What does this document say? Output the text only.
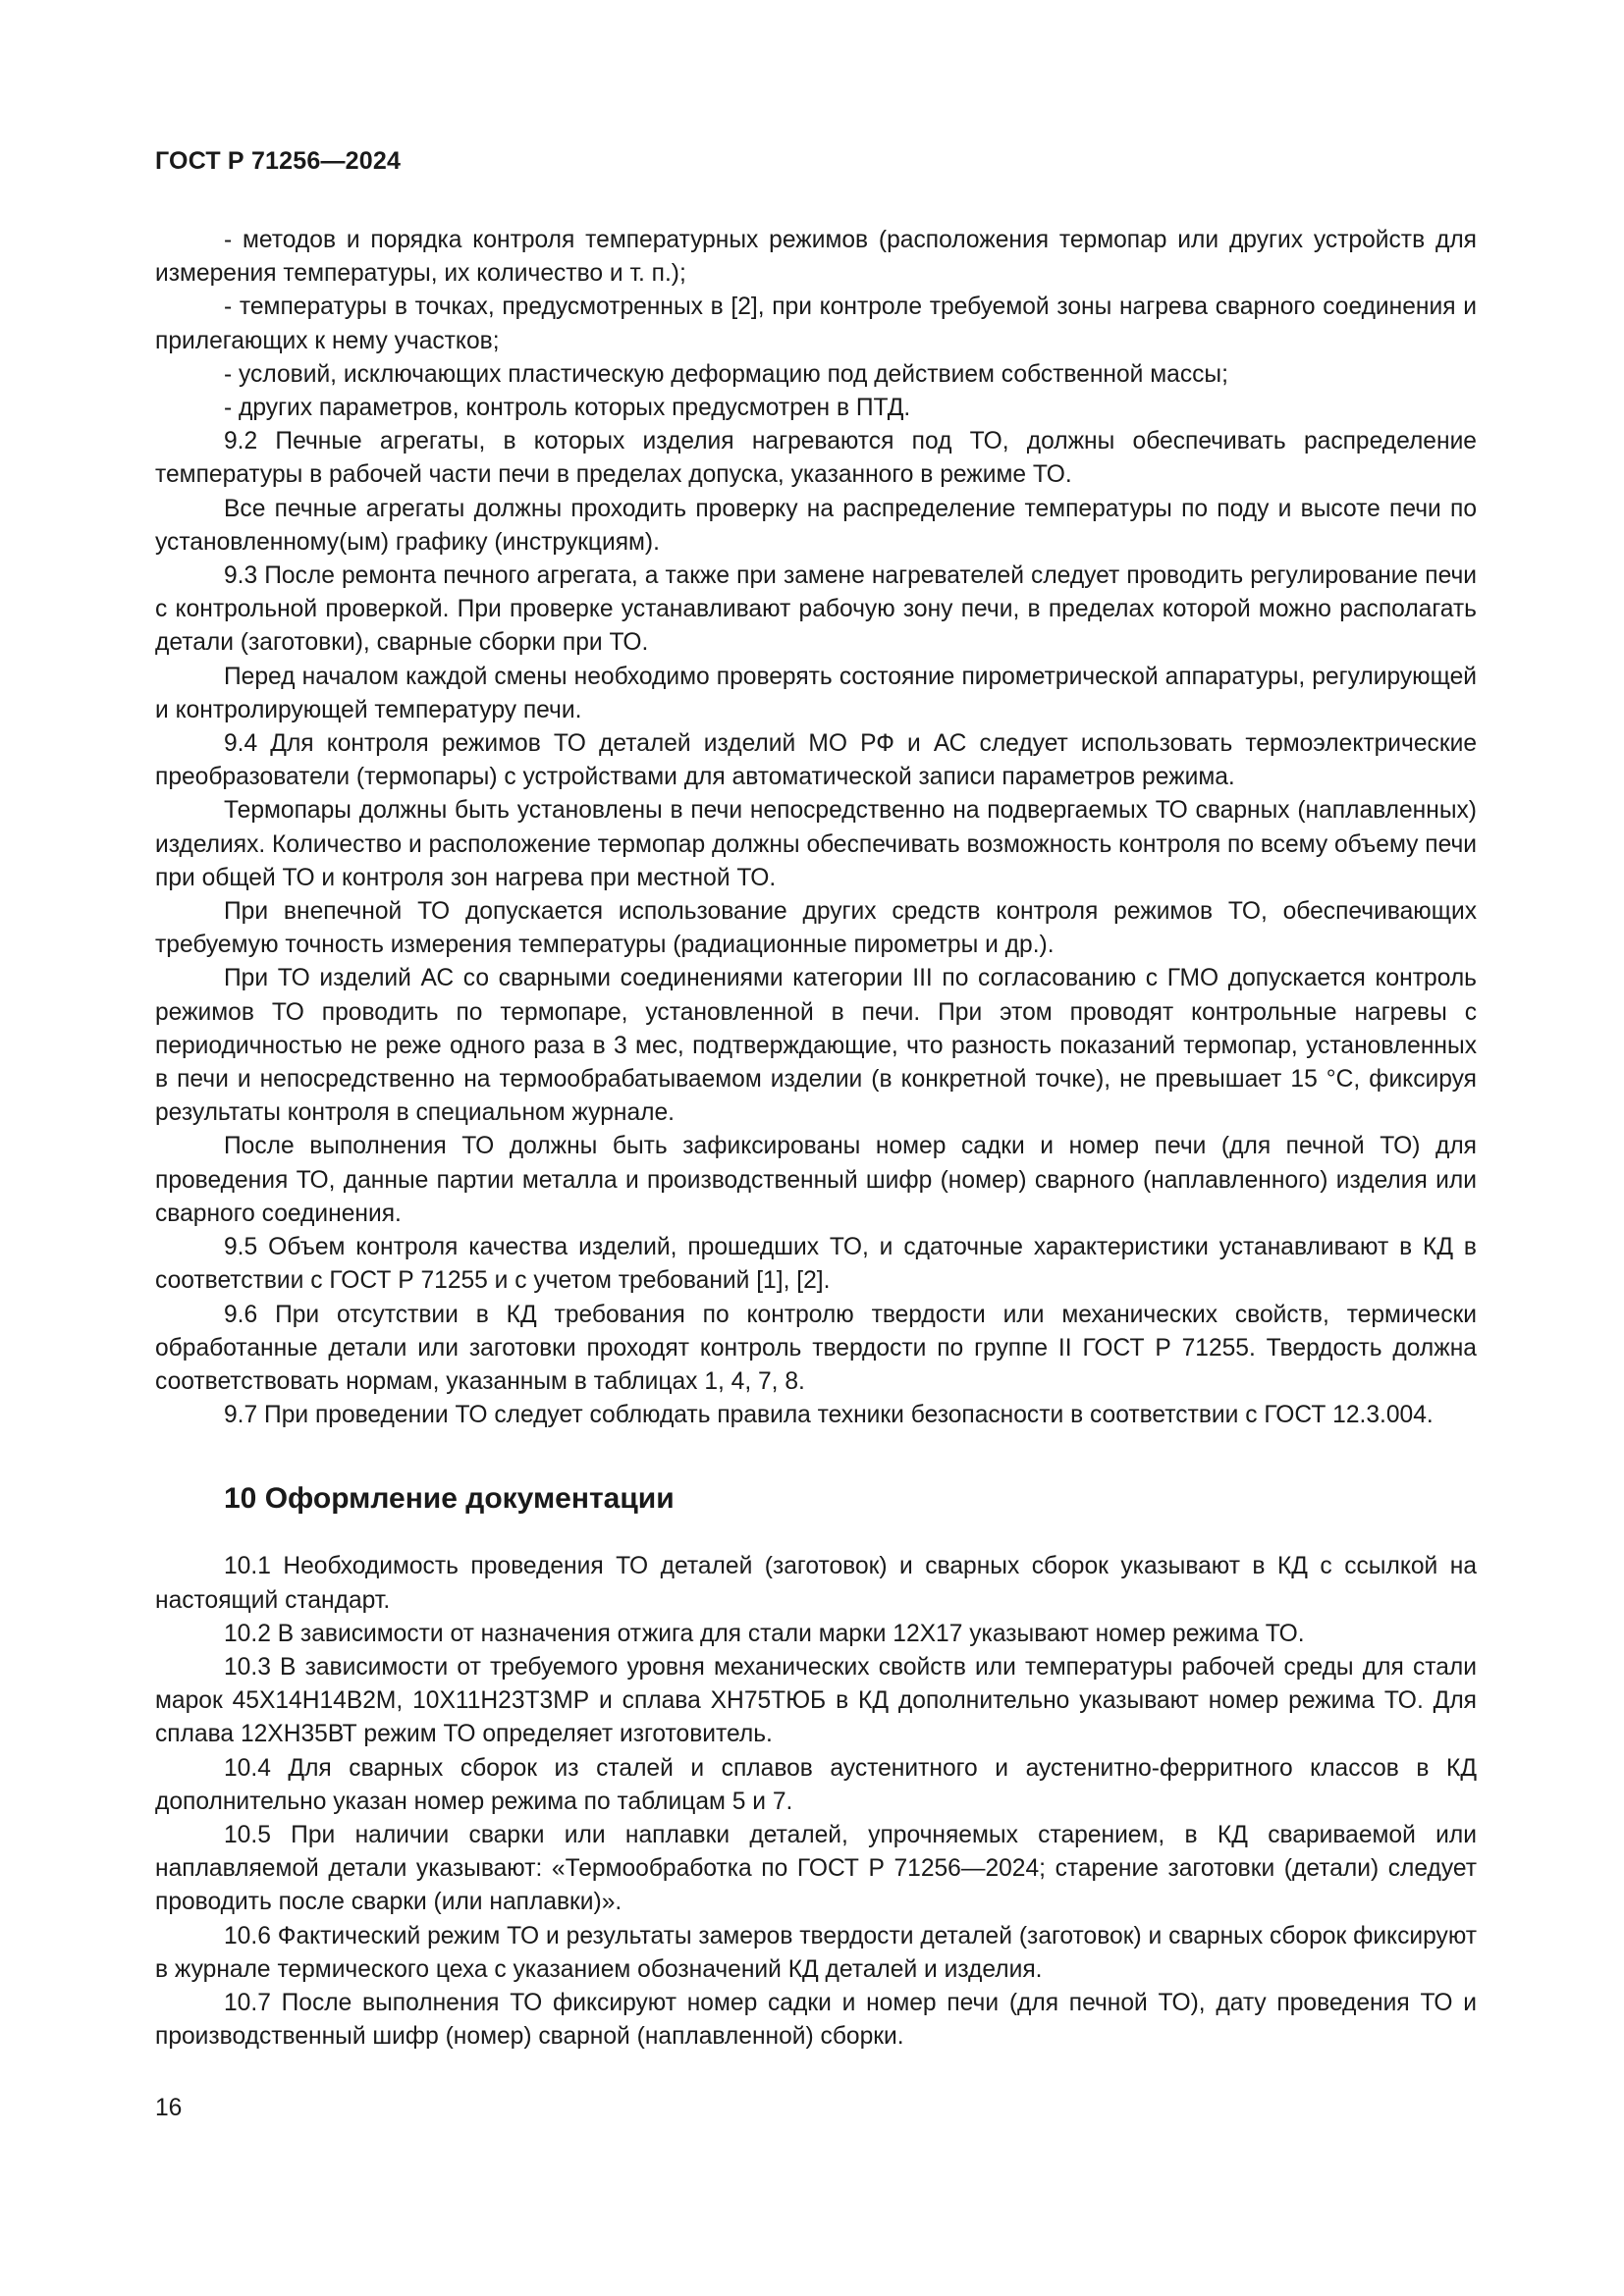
ГОСТ Р 71256—2024

- методов и порядка контроля температурных режимов (расположения термопар или других устройств для измерения температуры, их количество и т. п.);

- температуры в точках, предусмотренных в [2], при контроле требуемой зоны нагрева сварного соединения и прилегающих к нему участков;

- условий, исключающих пластическую деформацию под действием собственной массы;

- других параметров, контроль которых предусмотрен в ПТД.

9.2 Печные агрегаты, в которых изделия нагреваются под ТО, должны обеспечивать распределение температуры в рабочей части печи в пределах допуска, указанного в режиме ТО.

Все печные агрегаты должны проходить проверку на распределение температуры по поду и высоте печи по установленному(ым) графику (инструкциям).

9.3 После ремонта печного агрегата, а также при замене нагревателей следует проводить регулирование печи с контрольной проверкой. При проверке устанавливают рабочую зону печи, в пределах которой можно располагать детали (заготовки), сварные сборки при ТО.

Перед началом каждой смены необходимо проверять состояние пирометрической аппаратуры, регулирующей и контролирующей температуру печи.

9.4 Для контроля режимов ТО деталей изделий МО РФ и АС следует использовать термоэлектрические преобразователи (термопары) с устройствами для автоматической записи параметров режима.

Термопары должны быть установлены в печи непосредственно на подвергаемых ТО сварных (наплавленных) изделиях. Количество и расположение термопар должны обеспечивать возможность контроля по всему объему печи при общей ТО и контроля зон нагрева при местной ТО.

При внепечной ТО допускается использование других средств контроля режимов ТО, обеспечивающих требуемую точность измерения температуры (радиационные пирометры и др.).

При ТО изделий АС со сварными соединениями категории III по согласованию с ГМО допускается контроль режимов ТО проводить по термопаре, установленной в печи. При этом проводят контрольные нагревы с периодичностью не реже одного раза в 3 мес, подтверждающие, что разность показаний термопар, установленных в печи и непосредственно на термообрабатываемом изделии (в конкретной точке), не превышает 15 °С, фиксируя результаты контроля в специальном журнале.

После выполнения ТО должны быть зафиксированы номер садки и номер печи (для печной ТО) для проведения ТО, данные партии металла и производственный шифр (номер) сварного (наплавленного) изделия или сварного соединения.

9.5 Объем контроля качества изделий, прошедших ТО, и сдаточные характеристики устанавливают в КД в соответствии с ГОСТ Р 71255 и с учетом требований [1], [2].

9.6 При отсутствии в КД требования по контролю твердости или механических свойств, термически обработанные детали или заготовки проходят контроль твердости по группе II ГОСТ Р 71255. Твердость должна соответствовать нормам, указанным в таблицах 1, 4, 7, 8.

9.7 При проведении ТО следует соблюдать правила техники безопасности в соответствии с ГОСТ 12.3.004.

10 Оформление документации

10.1 Необходимость проведения ТО деталей (заготовок) и сварных сборок указывают в КД с ссылкой на настоящий стандарт.

10.2 В зависимости от назначения отжига для стали марки 12Х17 указывают номер режима ТО.

10.3 В зависимости от требуемого уровня механических свойств или температуры рабочей среды для стали марок 45Х14Н14В2М, 10Х11Н23Т3МР и сплава ХН75ТЮБ в КД дополнительно указывают номер режима ТО. Для сплава 12ХН35ВТ режим ТО определяет изготовитель.

10.4 Для сварных сборок из сталей и сплавов аустенитного и аустенитно-ферритного классов в КД дополнительно указан номер режима по таблицам 5 и 7.

10.5 При наличии сварки или наплавки деталей, упрочняемых старением, в КД свариваемой или наплавляемой детали указывают: «Термообработка по ГОСТ Р 71256—2024; старение заготовки (детали) следует проводить после сварки (или наплавки)».

10.6 Фактический режим ТО и результаты замеров твердости деталей (заготовок) и сварных сборок фиксируют в журнале термического цеха с указанием обозначений КД деталей и изделия.

10.7 После выполнения ТО фиксируют номер садки и номер печи (для печной ТО), дату проведения ТО и производственный шифр (номер) сварной (наплавленной) сборки.

16
